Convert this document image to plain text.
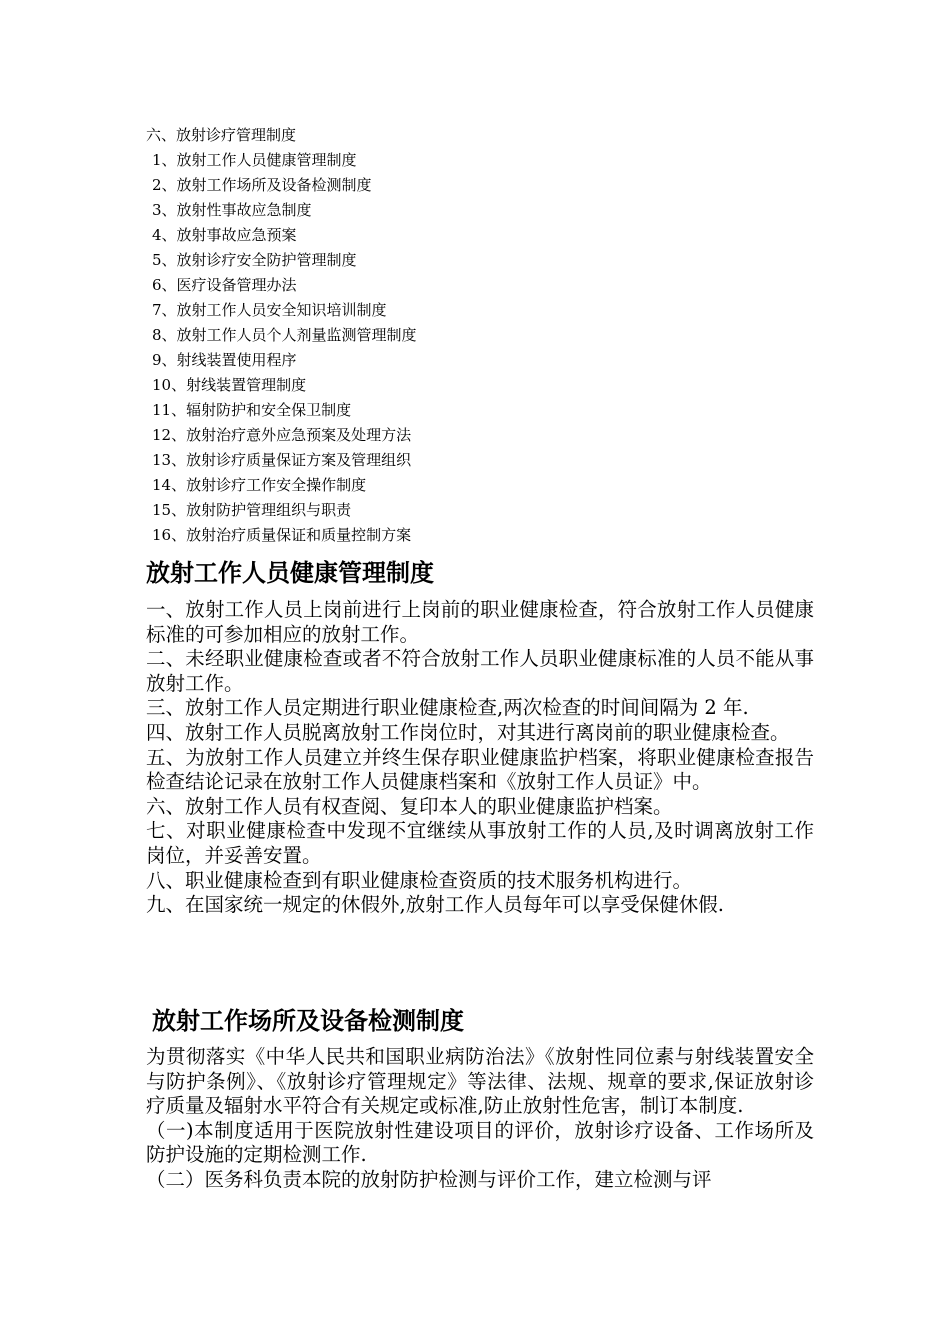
六、放射诊疗管理制度
1、放射工作人员健康管理制度
2、放射工作场所及设备检测制度
3、放射性事故应急制度
4、放射事故应急预案
5、放射诊疗安全防护管理制度
6、医疗设备管理办法
7、放射工作人员安全知识培训制度
8、放射工作人员个人剂量监测管理制度
9、射线装置使用程序
10、射线装置管理制度
11、辐射防护和安全保卫制度
12、放射治疗意外应急预案及处理方法
13、放射诊疗质量保证方案及管理组织
14、放射诊疗工作安全操作制度
15、放射防护管理组织与职责
16、放射治疗质量保证和质量控制方案
放射工作人员健康管理制度

一、放射工作人员上岗前进行上岗前的职业健康检查，符合放射工作人员健康标准的可参加相应的放射工作。

二、未经职业健康检查或者不符合放射工作人员职业健康标准的人员不能从事放射工作。

三、放射工作人员定期进行职业健康检查,两次检查的时间间隔为 2 年.

四、放射工作人员脱离放射工作岗位时，对其进行离岗前的职业健康检查。

五、为放射工作人员建立并终生保存职业健康监护档案，将职业健康检查报告检查结论记录在放射工作人员健康档案和《放射工作人员证》中。

六、放射工作人员有权查阅、复印本人的职业健康监护档案。

七、对职业健康检查中发现不宜继续从事放射工作的人员,及时调离放射工作岗位，并妥善安置。

八、职业健康检查到有职业健康检查资质的技术服务机构进行。

九、在国家统一规定的休假外,放射工作人员每年可以享受保健休假.

放射工作场所及设备检测制度

为贯彻落实《中华人民共和国职业病防治法》《放射性同位素与射线装置安全与防护条例》、《放射诊疗管理规定》等法律、法规、规章的要求,保证放射诊疗质量及辐射水平符合有关规定或标准,防止放射性危害，制订本制度.

（一)本制度适用于医院放射性建设项目的评价，放射诊疗设备、工作场所及防护设施的定期检测工作.

（二）医务科负责本院的放射防护检测与评价工作，建立检测与评
